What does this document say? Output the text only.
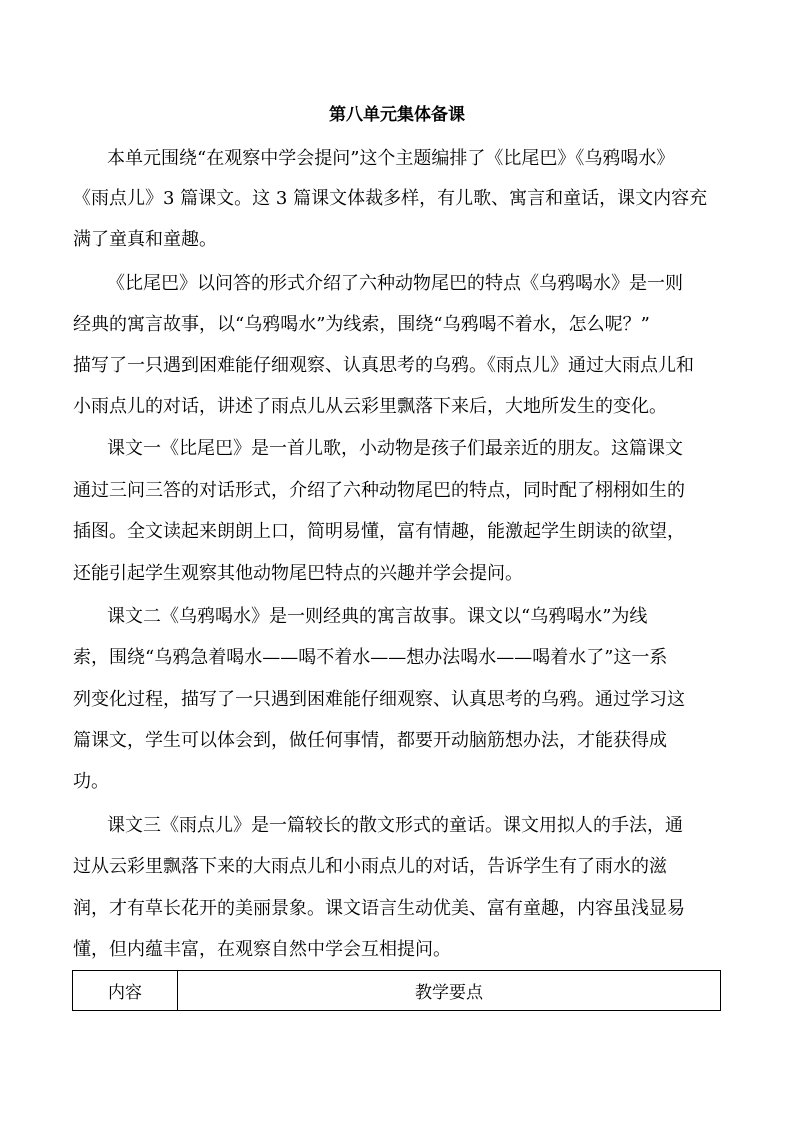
第八单元集体备课
本单元围绕“在观察中学会提问”这个主题编排了《比尾巴》《乌鸦喝水》
《雨点儿》3 篇课文。这 3 篇课文体裁多样，有儿歌、寓言和童话，课文内容充
满了童真和童趣。
《比尾巴》以问答的形式介绍了六种动物尾巴的特点《乌鸦喝水》是一则
经典的寓言故事，以“乌鸦喝水”为线索，围绕“乌鸦喝不着水，怎么呢？”
描写了一只遇到困难能仔细观察、认真思考的乌鸦。《雨点儿》通过大雨点儿和
小雨点儿的对话，讲述了雨点儿从云彩里飘落下来后，大地所发生的变化。
课文一《比尾巴》是一首儿歌，小动物是孩子们最亲近的朋友。这篇课文
通过三问三答的对话形式，介绍了六种动物尾巴的特点，同时配了栩栩如生的
插图。全文读起来朗朗上口，简明易懂，富有情趣，能激起学生朗读的欲望，
还能引起学生观察其他动物尾巴特点的兴趣并学会提问。
课文二《乌鸦喝水》是一则经典的寓言故事。课文以“乌鸦喝水”为线
索，围绕“乌鸦急着喝水——喝不着水——想办法喝水——喝着水了”这一系
列变化过程，描写了一只遇到困难能仔细观察、认真思考的乌鸦。通过学习这
篇课文，学生可以体会到，做任何事情，都要开动脑筋想办法，才能获得成
功。
课文三《雨点儿》是一篇较长的散文形式的童话。课文用拟人的手法，通
过从云彩里飘落下来的大雨点儿和小雨点儿的对话，告诉学生有了雨水的滋
润，才有草长花开的美丽景象。课文语言生动优美、富有童趣，内容虽浅显易
懂，但内蕴丰富，在观察自然中学会互相提问。
内容	教学要点
